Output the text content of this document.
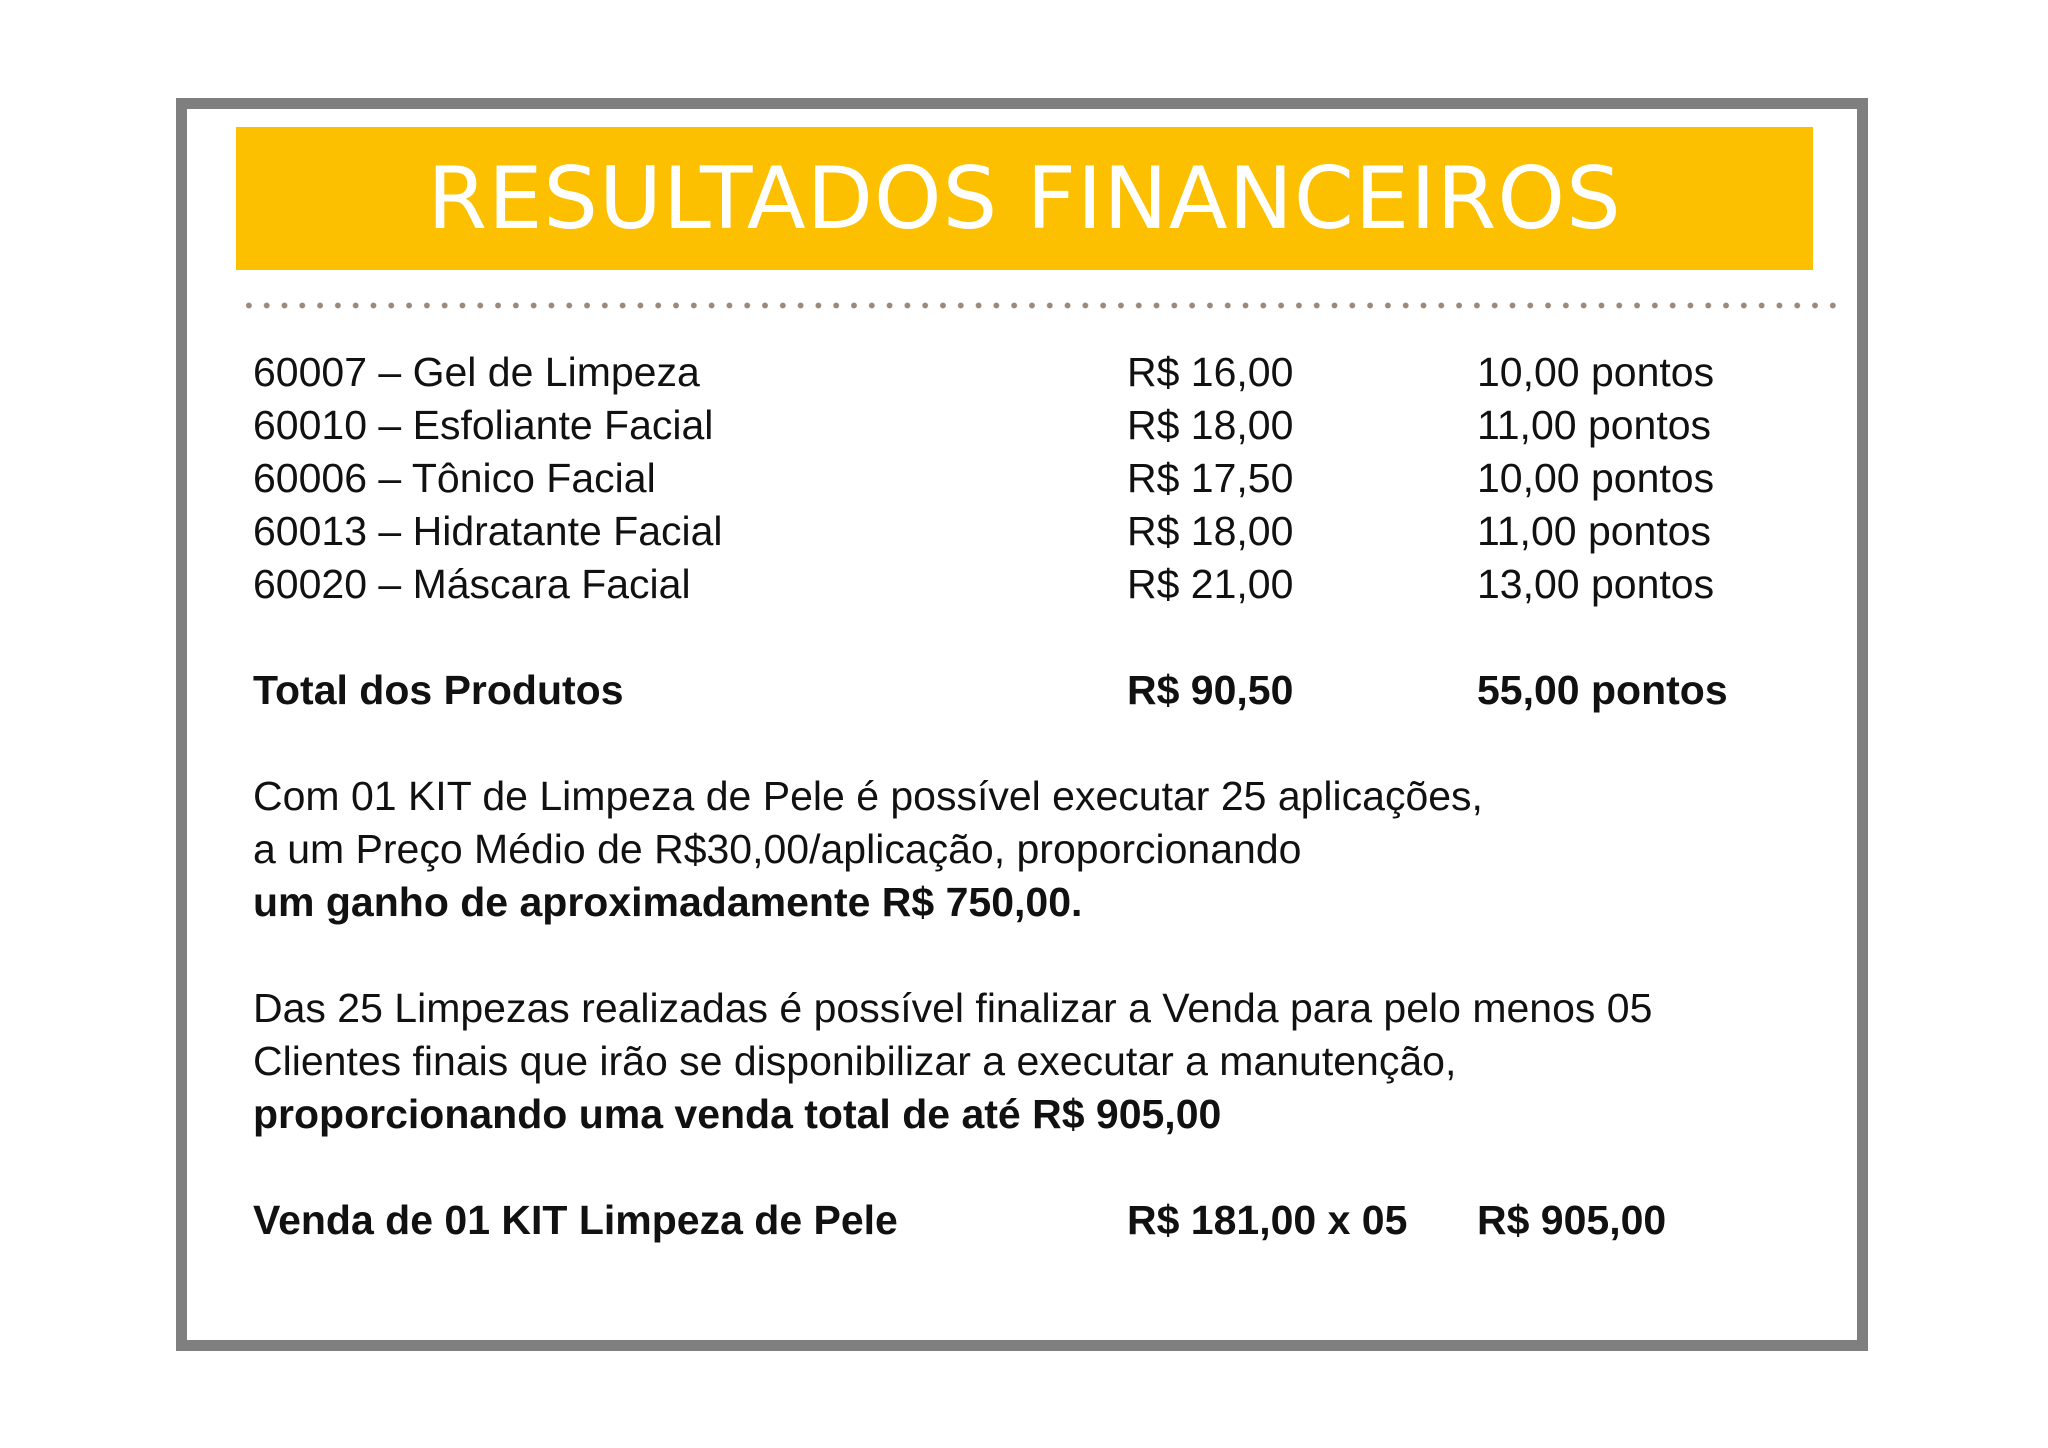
RESULTADOS FINANCEIROS
60007 – Gel de Limpeza	R$ 16,00	10,00 pontos
60010 – Esfoliante Facial	R$ 18,00	11,00 pontos
60006 – Tônico Facial	R$ 17,50	10,00 pontos
60013 – Hidratante Facial	R$ 18,00	11,00 pontos
60020 – Máscara Facial	R$ 21,00	13,00 pontos
Total dos Produtos	R$ 90,50	55,00 pontos
Com 01 KIT de Limpeza de Pele é possível executar 25 aplicações,
a um Preço Médio de R$30,00/aplicação, proporcionando
um ganho de aproximadamente R$ 750,00.
Das 25 Limpezas realizadas é possível finalizar a Venda para pelo menos 05
Clientes finais que irão se disponibilizar a executar a manutenção,
proporcionando uma venda total de até R$ 905,00
Venda de 01 KIT Limpeza de Pele	R$ 181,00 x 05 R$ 905,00
